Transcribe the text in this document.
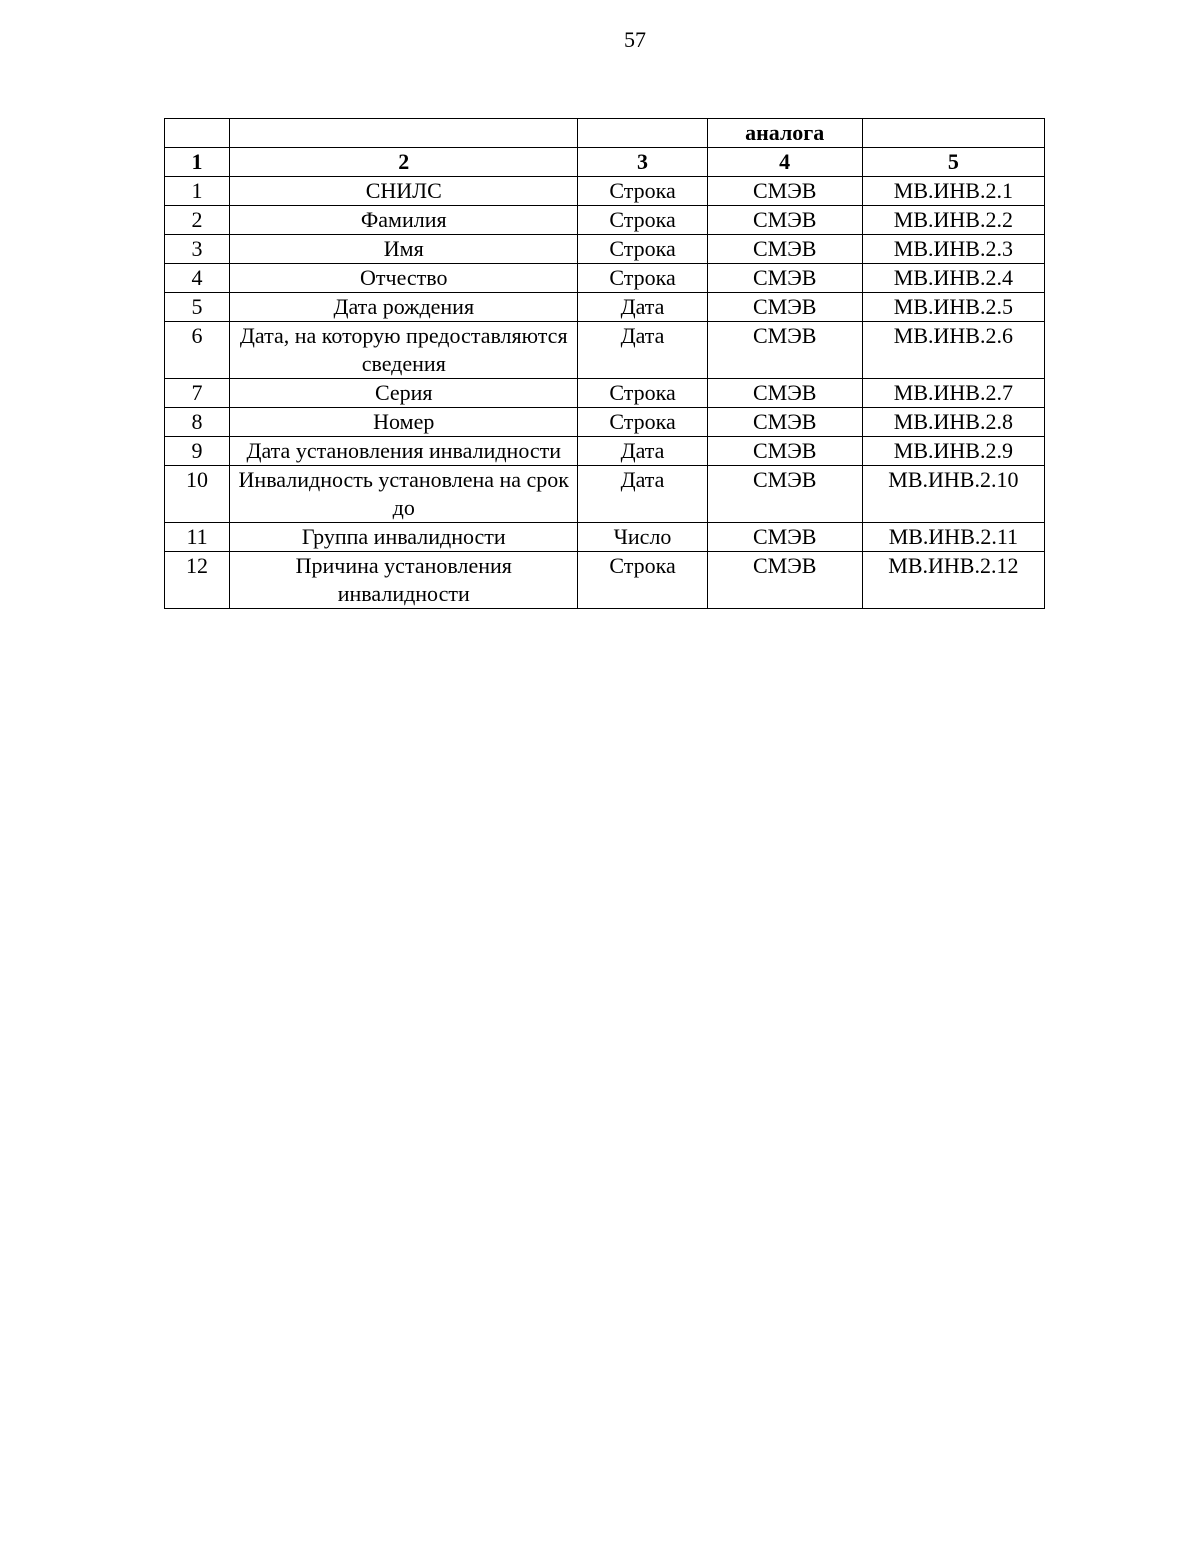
57
			аналога	
1	2	3	4	5
1	СНИЛС	Строка	СМЭВ	МВ.ИНВ.2.1
2	Фамилия	Строка	СМЭВ	МВ.ИНВ.2.2
3	Имя	Строка	СМЭВ	МВ.ИНВ.2.3
4	Отчество	Строка	СМЭВ	МВ.ИНВ.2.4
5	Дата рождения	Дата	СМЭВ	МВ.ИНВ.2.5
6	Дата, на которую предоставляются сведения	Дата	СМЭВ	МВ.ИНВ.2.6
7	Серия	Строка	СМЭВ	МВ.ИНВ.2.7
8	Номер	Строка	СМЭВ	МВ.ИНВ.2.8
9	Дата установления инвалидности	Дата	СМЭВ	МВ.ИНВ.2.9
10	Инвалидность установлена на срок до	Дата	СМЭВ	МВ.ИНВ.2.10
11	Группа инвалидности	Число	СМЭВ	МВ.ИНВ.2.11
12	Причина установления инвалидности	Строка	СМЭВ	МВ.ИНВ.2.12
